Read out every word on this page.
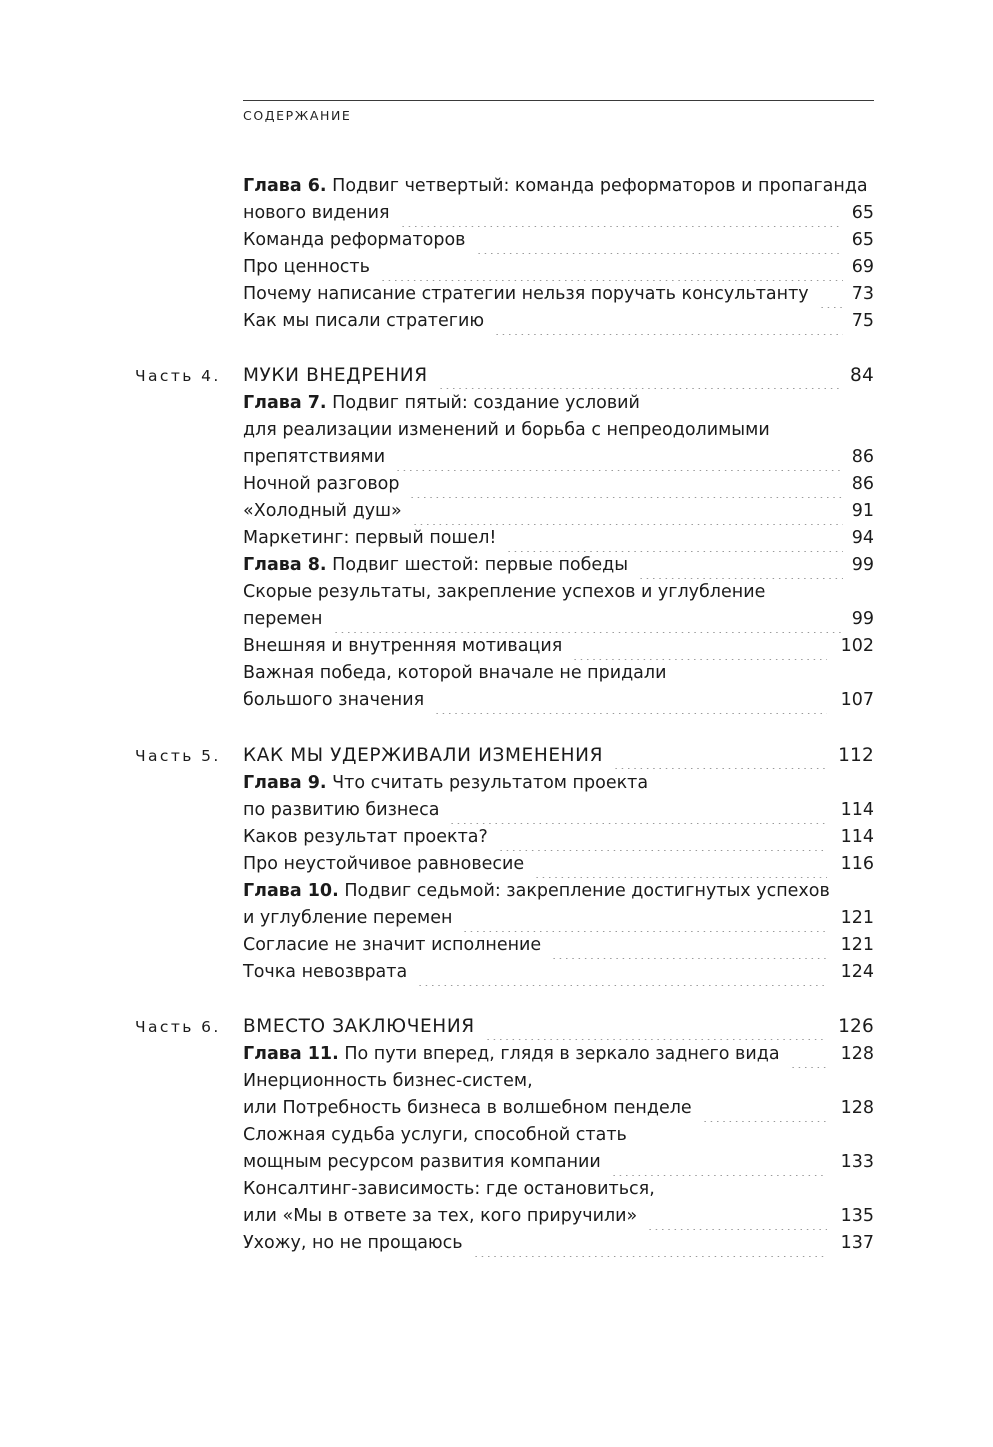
СОДЕРЖАНИЕ
Глава 6. Подвиг четвертый: команда реформаторов и пропаганда
нового видения	65
Команда реформаторов	65
Про ценность	69
Почему написание стратегии нельзя поручать консультанту	73
Как мы писали стратегию	75
Часть 4.	МУКИ ВНЕДРЕНИЯ	84
Глава 7. Подвиг пятый: создание условий
для реализации изменений и борьба с непреодолимыми
препятствиями	86
Ночной разговор	86
«Холодный душ»	91
Маркетинг: первый пошел!	94
Глава 8. Подвиг шестой: первые победы	99
Скорые результаты, закрепление успехов и углубление
перемен	99
Внешняя и внутренняя мотивация	102
Важная победа, которой вначале не придали
большого значения	107
Часть 5.	КАК МЫ УДЕРЖИВАЛИ ИЗМЕНЕНИЯ	112
Глава 9. Что считать результатом проекта
по развитию бизнеса	114
Каков результат проекта?	114
Про неустойчивое равновесие	116
Глава 10. Подвиг седьмой: закрепление достигнутых успехов
и углубление перемен	121
Согласие не значит исполнение	121
Точка невозврата	124
Часть 6.	ВМЕСТО ЗАКЛЮЧЕНИЯ	126
Глава 11. По пути вперед, глядя в зеркало заднего вида	128
Инерционность бизнес-систем,
или Потребность бизнеса в волшебном пенделе	128
Сложная судьба услуги, способной стать
мощным ресурсом развития компании	133
Консалтинг-зависимость: где остановиться,
или «Мы в ответе за тех, кого приручили»	135
Ухожу, но не прощаюсь	137
